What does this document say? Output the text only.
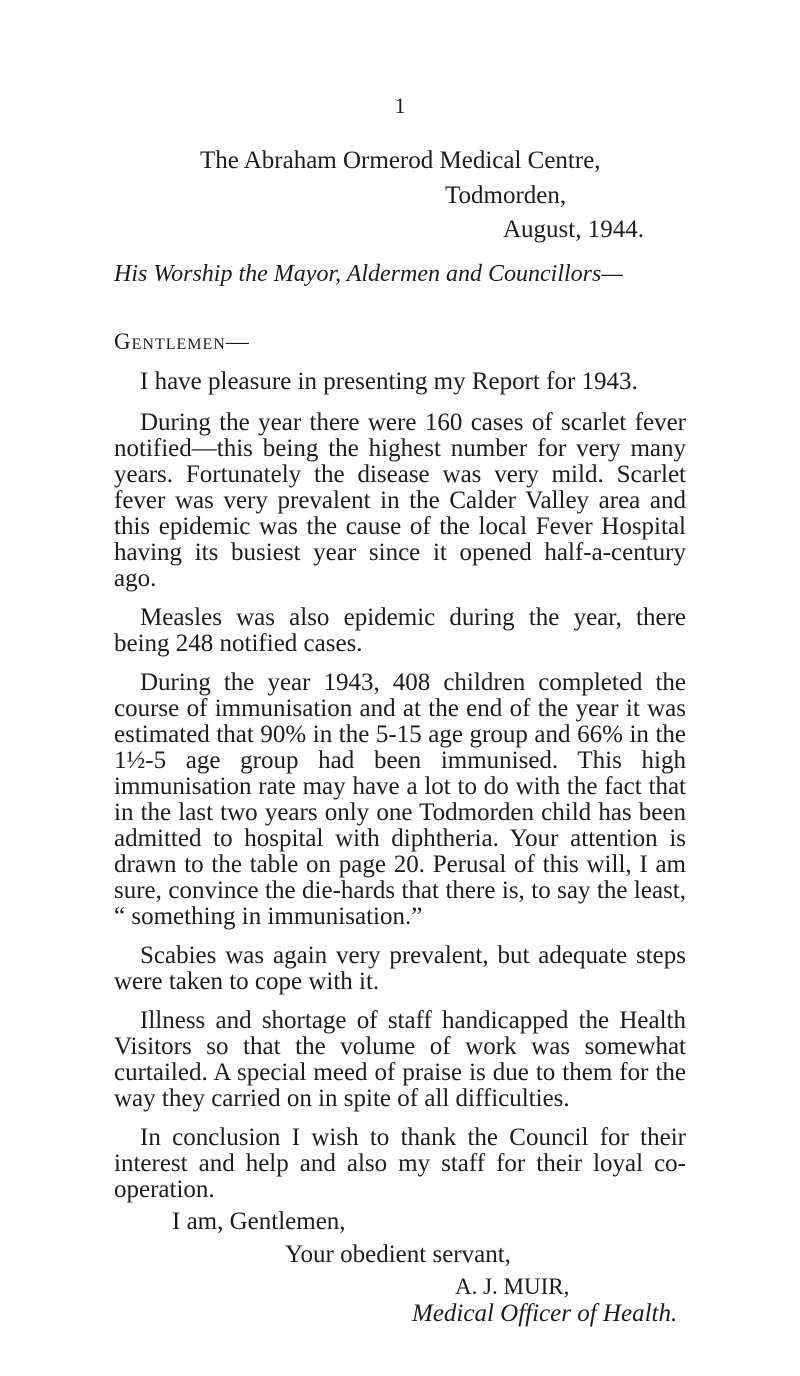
1
The Abraham Ormerod Medical Centre,
Todmorden,
August, 1944.
His Worship the Mayor, Aldermen and Councillors—
Gentlemen—

I have pleasure in presenting my Report for 1943.

During the year there were 160 cases of scarlet fever notified—this being the highest number for very many years. Fortunately the disease was very mild. Scarlet fever was very prevalent in the Calder Valley area and this epidemic was the cause of the local Fever Hospital having its busiest year since it opened half-a-century ago.

Measles was also epidemic during the year, there being 248 notified cases.

During the year 1943, 408 children completed the course of immunisation and at the end of the year it was estimated that 90% in the 5-15 age group and 66% in the 1½-5 age group had been immunised. This high immunisation rate may have a lot to do with the fact that in the last two years only one Todmorden child has been admitted to hospital with diphtheria. Your attention is drawn to the table on page 20. Perusal of this will, I am sure, convince the die-hards that there is, to say the least, “ something in immunisation.”

Scabies was again very prevalent, but adequate steps were taken to cope with it.

Illness and shortage of staff handicapped the Health Visitors so that the volume of work was somewhat curtailed. A special meed of praise is due to them for the way they carried on in spite of all difficulties.

In conclusion I wish to thank the Council for their interest and help and also my staff for their loyal co-operation.

I am, Gentlemen,
Your obedient servant,
A. J. MUIR,
Medical Officer of Health.
